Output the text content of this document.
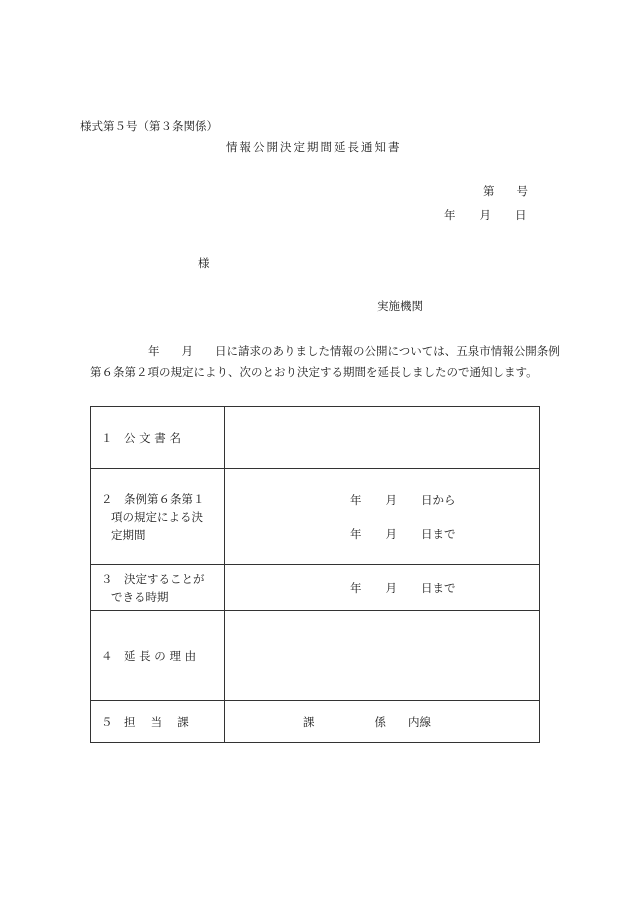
様式第５号（第３条関係）
情報公開決定期間延長通知書
第 号
年 月 日
様
実施機関
年 月 日に請求のありました情報の公開については、五泉市情報公開条例第６条第２項の規定により、次のとおり決定する期間を延長しましたので通知します。
１　公 文 書 名	

２　条例第６条第１
項の規定による決
定期間	年 月 日から
年 月 日まで

３　決定することが
できる時期	年 月 日まで

４　延 長 の 理 由	
５　担　 当　 課	課 係 内線
